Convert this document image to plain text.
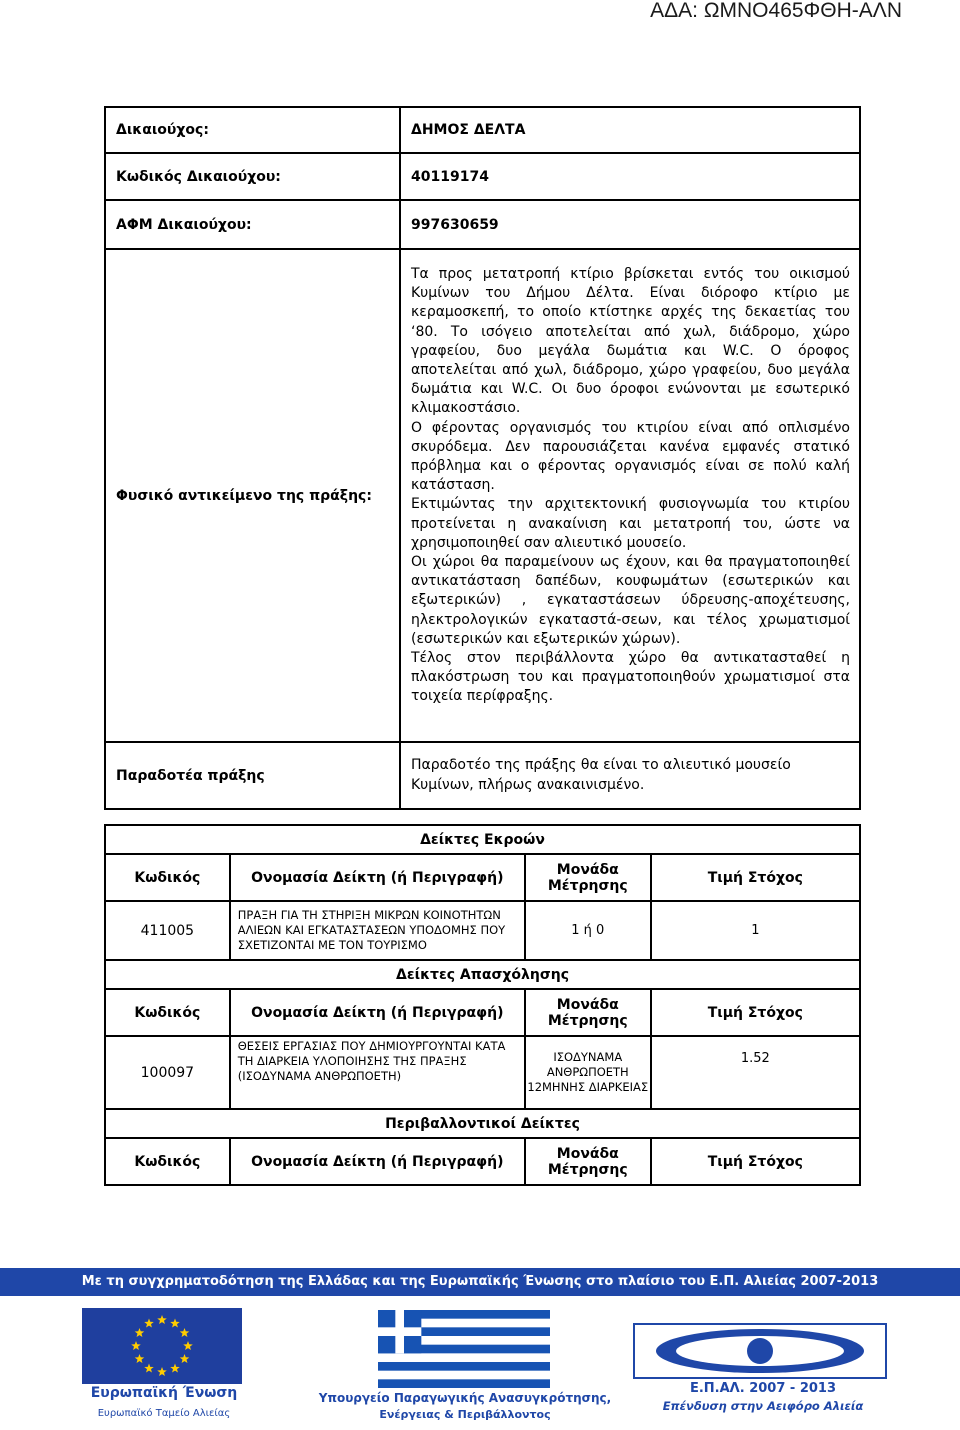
ΑΔΑ: ΩΜΝΟ465ΦΘΗ-ΑΛΝ
Δικαιούχος:	ΔΗΜΟΣ ΔΕΛΤΑ
Κωδικός Δικαιούχου:	40119174
ΑΦΜ Δικαιούχου:	997630659
Φυσικό αντικείμενο της πράξης:	Τα προς μετατροπή κτίριο βρίσκεται εντός του οικισμού Κυμίνων του Δήμου Δέλτα. Είναι διόροφο κτίριο με κεραμοσκεπή, το οποίο κτίστηκε αρχές της δεκαετίας του ‘80. Το ισόγειο αποτελείται από χωλ, διάδρομο, χώρο γραφείου, δυο μεγάλα δωμάτια και W.C. Ο όροφος αποτελείται από χωλ, διάδρομο, χώρο γραφείου, δυο μεγάλα δωμάτια και W.C. Οι δυο όροφοι ενώνονται με εσωτερικό κλιμακοστάσιο.

Ο φέροντας οργανισμός του κτιρίου είναι από οπλισμένο σκυρόδεμα. Δεν παρουσιάζεται κανένα εμφανές στατικό πρόβλημα και ο φέροντας οργανισμός είναι σε πολύ καλή κατάσταση.

Εκτιμώντας την αρχιτεκτονική φυσιογνωμία του κτιρίου προτείνεται η ανακαίνιση και μετατροπή του, ώστε να χρησιμοποιηθεί σαν αλιευτικό μουσείο.

Οι χώροι θα παραμείνουν ως έχουν, και θα πραγματοποιηθεί αντικατάσταση δαπέδων, κουφωμάτων (εσωτερικών και εξωτερικών) , εγκαταστάσεων ύδρευσης-αποχέτευσης, ηλεκτρολογικών εγκαταστά-σεων, και τέλος χρωματισμοί (εσωτερικών και εξωτερικών χώρων).

Τέλος στον περιβάλλοντα χώρο θα αντικατασταθεί η πλακόστρωση του και πραγματοποιηθούν χρωματισμοί στα τοιχεία περίφραξης.

Παραδοτέα πράξης	Παραδοτέο της πράξης θα είναι το αλιευτικό μουσείο Κυμίνων, πλήρως ανακαινισμένο.
Δείκτες Εκροών			
Κωδικός	Ονομασία Δείκτη (ή Περιγραφή)	Μονάδα Μέτρησης	Τιμή Στόχος
411005	ΠΡΑΞΗ ΓΙΑ ΤΗ ΣΤΗΡΙΞΗ ΜΙΚΡΩΝ ΚΟΙΝΟΤΗΤΩΝ ΑΛΙΕΩΝ ΚΑΙ ΕΓΚΑΤΑΣΤΑΣΕΩΝ ΥΠΟΔΟΜΗΣ ΠΟΥ ΣΧΕΤΙΖΟΝΤΑΙ ΜΕ ΤΟΝ ΤΟΥΡΙΣΜΟ	1 ή 0	1
Δείκτες Απασχόλησης			
Κωδικός	Ονομασία Δείκτη (ή Περιγραφή)	Μονάδα Μέτρησης	Τιμή Στόχος
100097	ΘΕΣΕΙΣ ΕΡΓΑΣΙΑΣ ΠΟΥ ΔΗΜΙΟΥΡΓΟΥΝΤΑΙ ΚΑΤΑ ΤΗ ΔΙΑΡΚΕΙΑ ΥΛΟΠΟΙΗΣΗΣ ΤΗΣ ΠΡΑΞΗΣ (ΙΣΟΔΥΝΑΜΑ ΑΝΘΡΩΠΟΕΤΗ)	ΙΣΟΔΥΝΑΜΑ ΑΝΘΡΩΠΟΕΤΗ 12ΜΗΝΗΣ ΔΙΑΡΚΕΙΑΣ	1.52
Περιβαλλοντικοί Δείκτες			
Κωδικός	Ονομασία Δείκτη (ή Περιγραφή)	Μονάδα Μέτρησης	Τιμή Στόχος
Με τη συγχρηματοδότηση της Ελλάδας και της Ευρωπαϊκής Ένωσης στο πλαίσιο του Ε.Π. Αλιείας 2007-2013
Ευρωπαϊκή Ένωση
Ευρωπαϊκό Ταμείο Αλιείας
Υπουργείο Παραγωγικής Ανασυγκρότησης,
Ενέργειας & Περιβάλλοντος
Ε.Π.ΑΛ. 2007 - 2013
Επένδυση στην Αειφόρο Αλιεία
